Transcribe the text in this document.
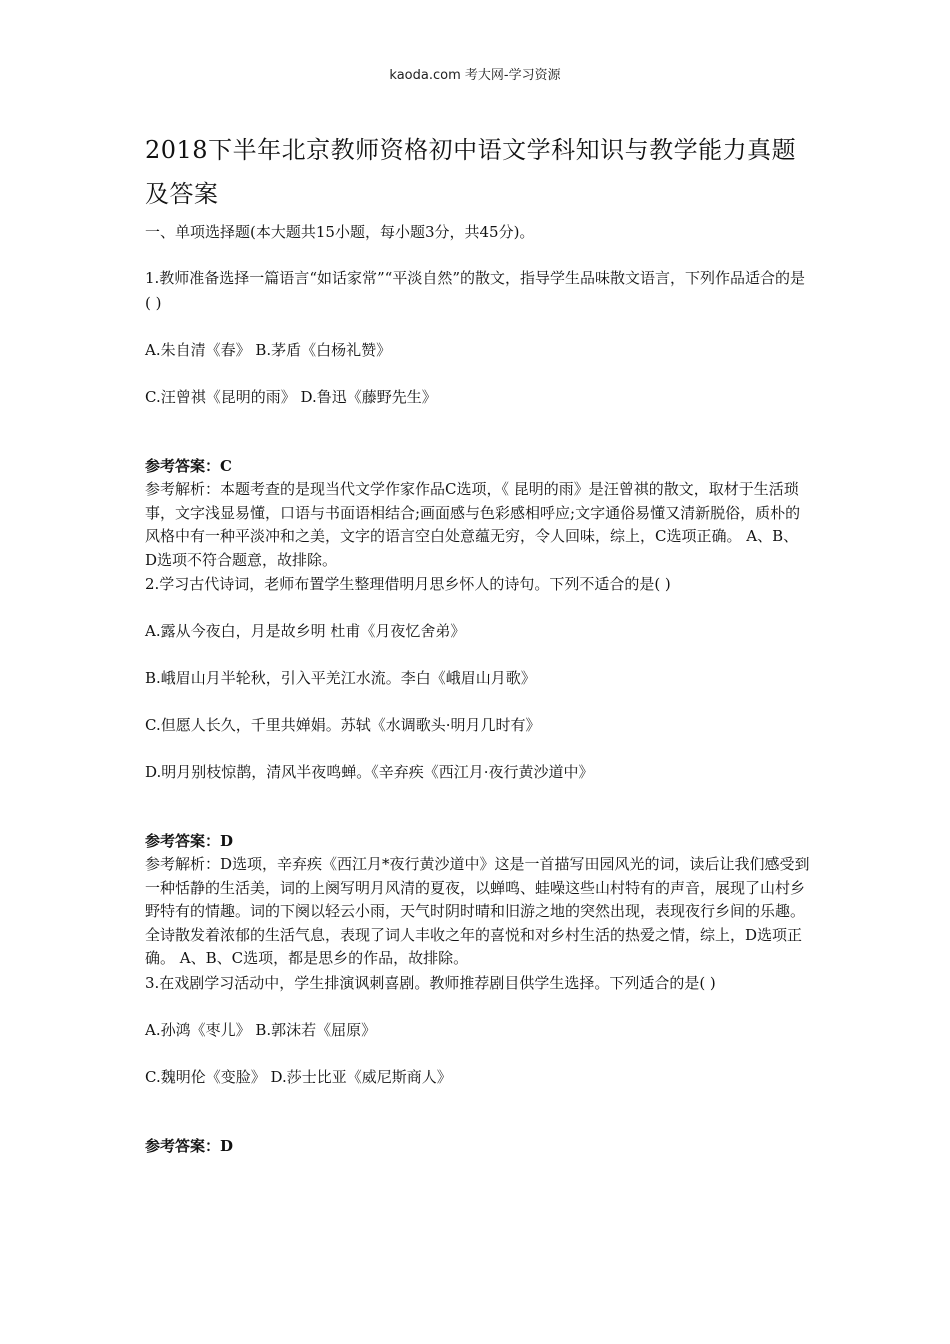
kaoda.com 考大网-学习资源
2018下半年北京教师资格初中语文学科知识与教学能力真题及答案

一、单项选择题(本大题共15小题，每小题3分，共45分)。

1.教师准备选择一篇语言“如话家常”“平淡自然”的散文，指导学生品味散文语言，下列作品适合的是( )

A.朱自清《春》 B.茅盾《白杨礼赞》

C.汪曾祺《昆明的雨》 D.鲁迅《藤野先生》

参考答案：C

参考解析：本题考查的是现当代文学作家作品C选项，《 昆明的雨》是汪曾祺的散文，取材于生活琐事，文字浅显易懂，口语与书面语相结合;画面感与色彩感相呼应;文字通俗易懂又清新脱俗，质朴的风格中有一种平淡冲和之美，文字的语言空白处意蕴无穷，令人回味，综上，C选项正确。 A、B、D选项不符合题意，故排除。

2.学习古代诗词，老师布置学生整理借明月思乡怀人的诗句。下列不适合的是( )

A.露从今夜白，月是故乡明 杜甫《月夜忆舍弟》

B.峨眉山月半轮秋，引入平羌江水流。李白《峨眉山月歌》

C.但愿人长久，千里共婵娟。苏轼《水调歌头·明月几时有》

D.明月别枝惊鹊，清风半夜鸣蝉。《辛弃疾《西江月·夜行黄沙道中》

参考答案：D

参考解析：D选项，辛弃疾《西江月*夜行黄沙道中》这是一首描写田园风光的词，读后让我们感受到一种恬静的生活美，词的上阕写明月风清的夏夜，以蝉鸣、蛙噪这些山村特有的声音，展现了山村乡野特有的情趣。词的下阕以轻云小雨，天气时阴时晴和旧游之地的突然出现，表现夜行乡间的乐趣。全诗散发着浓郁的生活气息，表现了词人丰收之年的喜悦和对乡村生活的热爱之情，综上，D选项正确。 A、B、C选项，都是思乡的作品，故排除。

3.在戏剧学习活动中，学生排演讽刺喜剧。教师推荐剧目供学生选择。下列适合的是( )

A.孙鸿《枣儿》 B.郭沫若《屈原》

C.魏明伦《变脸》 D.莎士比亚《威尼斯商人》

参考答案：D
